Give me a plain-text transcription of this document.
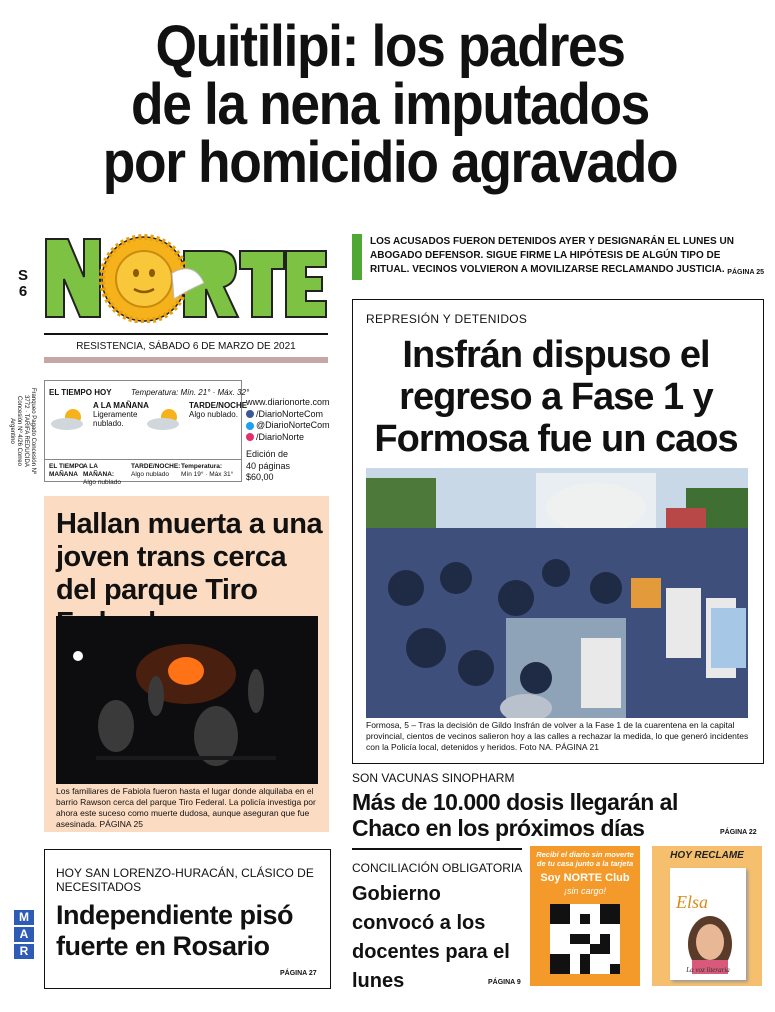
Quitilipi: los padres
de la nena imputados
por homicidio agravado
S
6
RESISTENCIA, SÁBADO 6 DE MARZO DE 2021
Franqueo Pagado Concesión Nº 3772 · TARIFA REDUCIDA Concesión Nº 4/26 Correo Argentino
EL TIEMPO HOY Temperatura: Mín. 21° · Máx. 32°
A LA MAÑANA
Ligeramente nublado.
TARDE/NOCHE
Algo nublado.
EL TIEMPO MAÑANA
A LA MAÑANA:
Algo nublado
TARDE/NOCHE:
Algo nublado
Temperatura:
Mín 19° · Máx 31°
www.diarionorte.com
/DiarioNorteCom
@DiarioNorteCom
/DiarioNorte
Edición de
40 páginas
$60,00
LOS ACUSADOS FUERON DETENIDOS AYER Y DESIGNARÁN EL LUNES UN ABOGADO DEFENSOR. SIGUE FIRME LA HIPÓTESIS DE ALGÚN TIPO DE RITUAL. VECINOS VOLVIERON A MOVILIZARSE RECLAMANDO JUSTICIA. PÁGINA 25
REPRESIÓN Y DETENIDOS
Insfrán dispuso el regreso a Fase 1 y Formosa fue un caos
Formosa, 5 – Tras la decisión de Gildo Insfrán de volver a la Fase 1 de la cuarentena en la capital provincial, cientos de vecinos salieron hoy a las calles a rechazar la medida, lo que generó incidentes con la Policía local, detenidos y heridos. Foto NA. PÁGINA 21
SON VACUNAS SINOPHARM
Más de 10.000 dosis llegarán al Chaco en los próximos días	PÁGINA 22
CONCILIACIÓN OBLIGATORIA
Gobierno convocó a los docentes para el lunes	PÁGINA 9
Recibí el diario sin moverte de tu casa junto a la tarjeta
Soy NORTE Club
¡sin cargo!
HOY RECLAME
Elsa
La voz literaria
Hallan muerta a una joven trans cerca del parque Tiro
Los familiares de Fabiola fueron hasta el lugar donde alquilaba en el barrio Rawson cerca del parque Tiro Federal. La policía investiga por ahora este suceso como muerte dudosa, aunque aseguran que fue asesinada. PÁGINA 25
HOY SAN LORENZO-HURACÁN, CLÁSICO DE NECESITADOS
Independiente pisó fuerte en Rosario
PÁGINA 27
M
A
R
